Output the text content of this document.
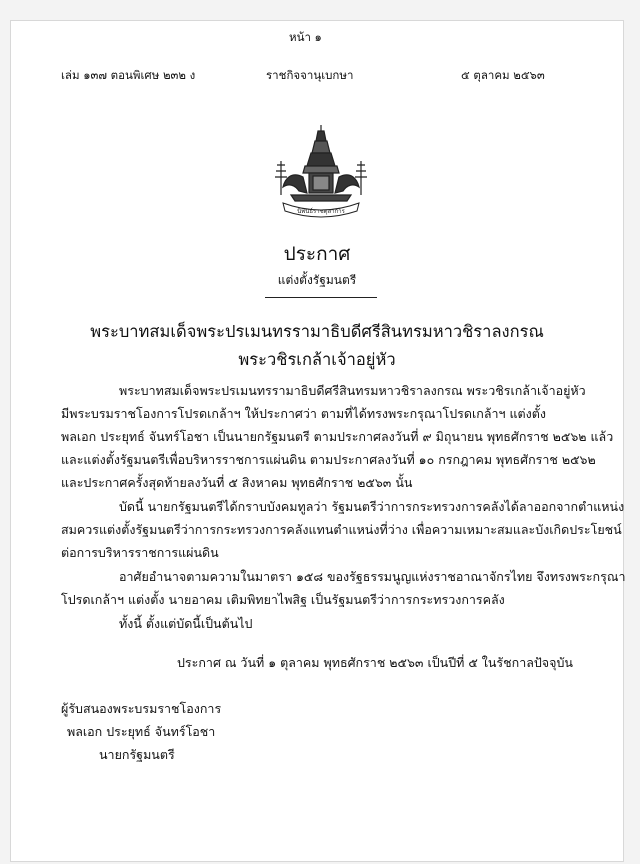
หน้า ๑
เล่ม ๑๓๗ ตอนพิเศษ ๒๓๒ ง	ราชกิจจานุเบกษา	๕ ตุลาคม ๒๕๖๓
นิพนธ์ราชตุลาการ
ประกาศ
แต่งตั้งรัฐมนตรี
พระบาทสมเด็จพระปรเมนทรรามาธิบดีศรีสินทรมหาวชิราลงกรณ
พระวชิรเกล้าเจ้าอยู่หัว
พระบาทสมเด็จพระปรเมนทรรามาธิบดีศรีสินทรมหาวชิราลงกรณ พระวชิรเกล้าเจ้าอยู่หัว
มีพระบรมราชโองการโปรดเกล้าฯ ให้ประกาศว่า ตามที่ได้ทรงพระกรุณาโปรดเกล้าฯ แต่งตั้ง
พลเอก ประยุทธ์ จันทร์โอชา เป็นนายกรัฐมนตรี ตามประกาศลงวันที่ ๙ มิถุนายน พุทธศักราช ๒๕๖๒ แล้ว
และแต่งตั้งรัฐมนตรีเพื่อบริหารราชการแผ่นดิน ตามประกาศลงวันที่ ๑๐ กรกฎาคม พุทธศักราช ๒๕๖๒
และประกาศครั้งสุดท้ายลงวันที่ ๕ สิงหาคม พุทธศักราช ๒๕๖๓ นั้น
บัดนี้ นายกรัฐมนตรีได้กราบบังคมทูลว่า รัฐมนตรีว่าการกระทรวงการคลังได้ลาออกจากตำแหน่ง
สมควรแต่งตั้งรัฐมนตรีว่าการกระทรวงการคลังแทนตำแหน่งที่ว่าง เพื่อความเหมาะสมและบังเกิดประโยชน์
ต่อการบริหารราชการแผ่นดิน
อาศัยอำนาจตามความในมาตรา ๑๕๘ ของรัฐธรรมนูญแห่งราชอาณาจักรไทย จึงทรงพระกรุณา
โปรดเกล้าฯ แต่งตั้ง นายอาคม เติมพิทยาไพสิฐ เป็นรัฐมนตรีว่าการกระทรวงการคลัง
ทั้งนี้ ตั้งแต่บัดนี้เป็นต้นไป
ประกาศ ณ วันที่ ๑ ตุลาคม พุทธศักราช ๒๕๖๓ เป็นปีที่ ๕ ในรัชกาลปัจจุบัน
ผู้รับสนองพระบรมราชโองการ
พลเอก ประยุทธ์ จันทร์โอชา
นายกรัฐมนตรี
